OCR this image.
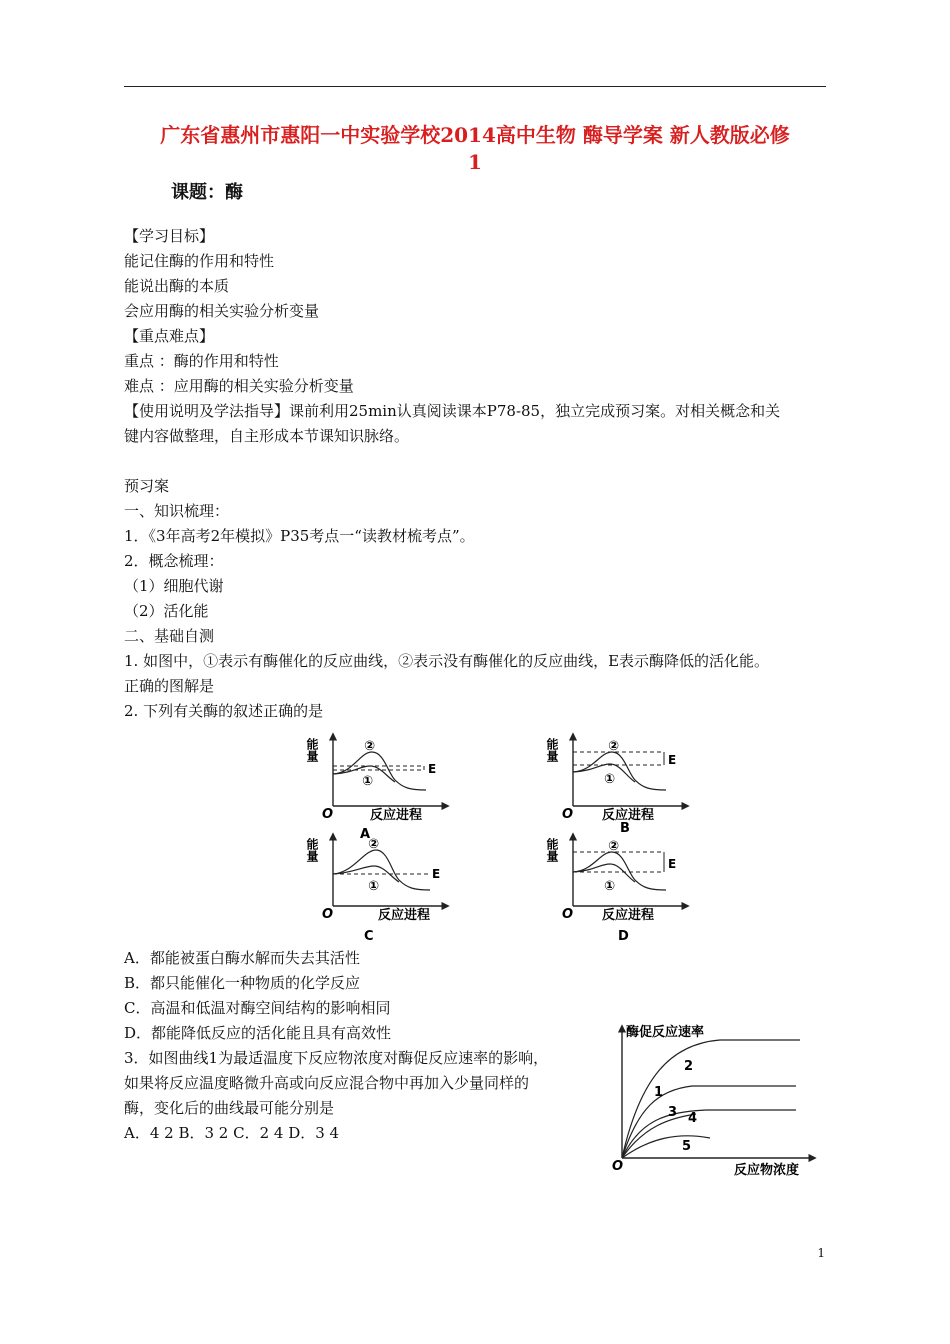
广东省惠州市惠阳一中实验学校2014高中生物 酶导学案 新人教版必修
1
课题：酶
【学习目标】
能记住酶的作用和特性
能说出酶的本质
会应用酶的相关实验分析变量
【重点难点】
重点 ：酶的作用和特性
难点 ：应用酶的相关实验分析变量
【使用说明及学法指导】课前利用25min认真阅读课本P78-85，独立完成预习案。对相关概念和关
键内容做整理，自主形成本节课知识脉络。
预习案
一、知识梳理：
1．《3年高考2年模拟》P35考点一“读教材梳考点”。
2．概念梳理：
（1）细胞代谢
（2）活化能
二、基础自测
1. 如图中，①表示有酶催化的反应曲线，②表示没有酶催化的反应曲线，E表示酶降低的活化能。
正确的图解是
2. 下列有关酶的叙述正确的是
能量
O	反应进程
A
E
②
①
能量
O 反应进程
B
E
②
①
能量
O	反应进程
C
E
②
①
能量
O 反应进程
D
E
②
①
A．都能被蛋白酶水解而失去其活性
B．都只能催化一种物质的化学反应
C．高温和低温对酶空间结构的影响相同
D．都能降低反应的活化能且具有高效性
3．如图曲线1为最适温度下反应物浓度对酶促反应速率的影响，
如果将反应温度略微升高或向反应混合物中再加入少量同样的
酶，变化后的曲线最可能分别是
A．4 2 B．3 2 C．2 4 D．3 4
酶促反应速率
O	反应物浓度
2
1
3 4
5
1
